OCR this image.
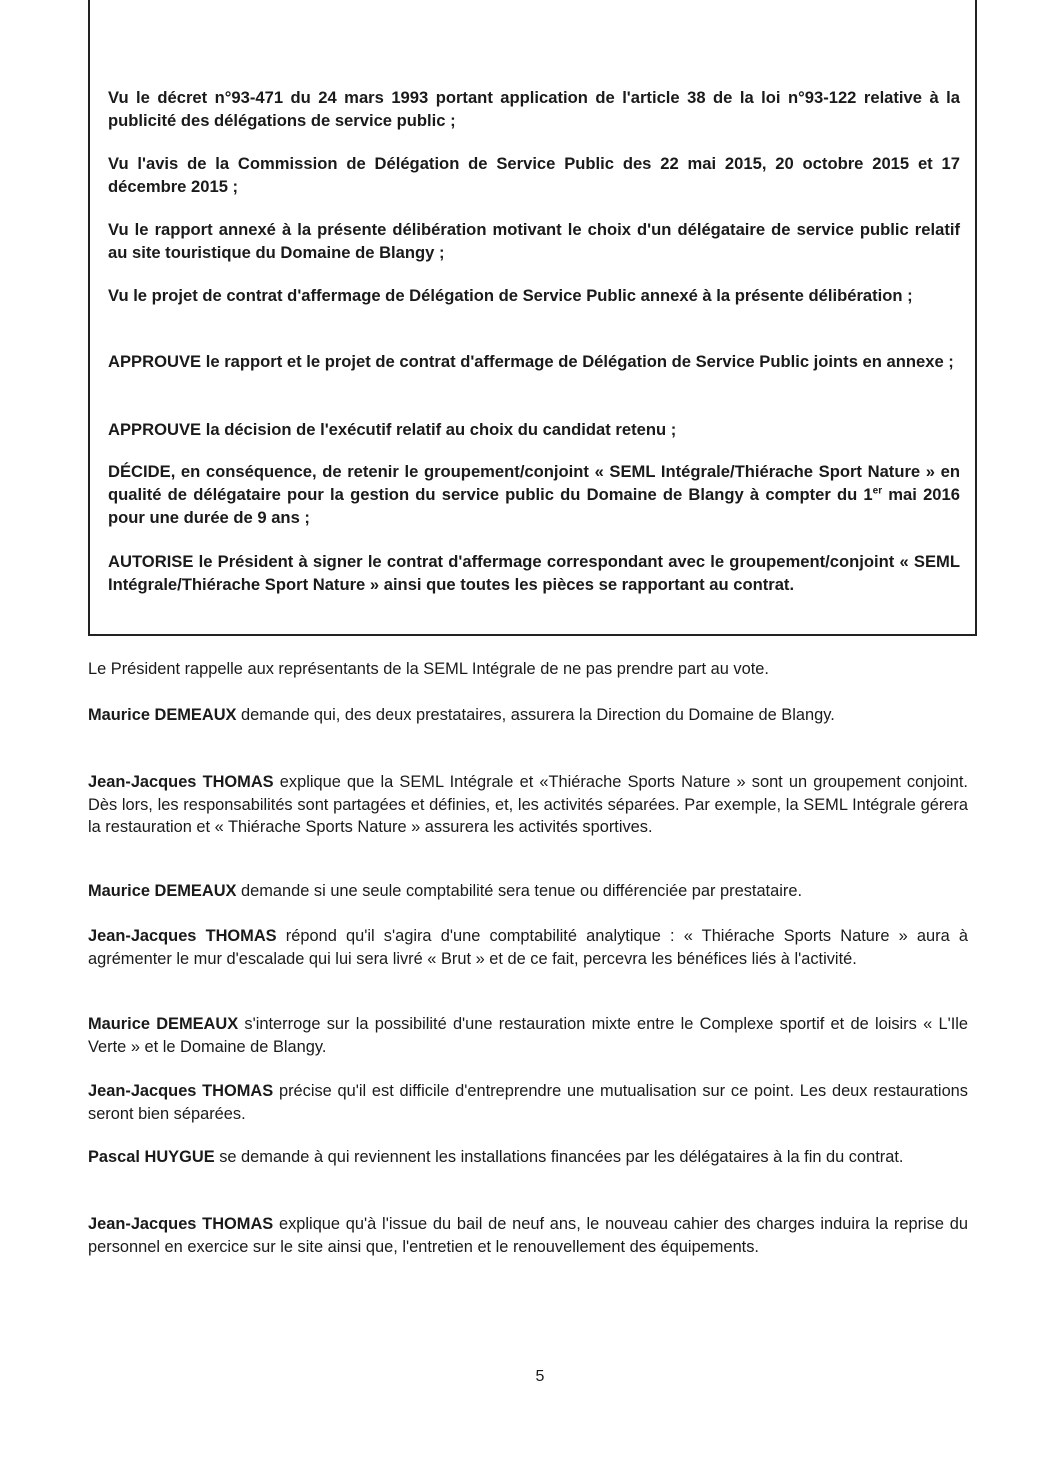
Vu le décret n°93-471 du 24 mars 1993 portant application de l'article 38 de la loi n°93-122 relative à la publicité des délégations de service public ;

Vu l'avis de la Commission de Délégation de Service Public des 22 mai 2015, 20 octobre 2015 et 17 décembre 2015 ;

Vu le rapport annexé à la présente délibération motivant le choix d'un délégataire de service public relatif au site touristique du Domaine de Blangy ;

Vu le projet de contrat d'affermage de Délégation de Service Public annexé à la présente délibération ;

APPROUVE le rapport et le projet de contrat d'affermage de Délégation de Service Public joints en annexe ;

APPROUVE la décision de l'exécutif relatif au choix du candidat retenu ;

DÉCIDE, en conséquence, de retenir le groupement/conjoint « SEML Intégrale/Thiérache Sport Nature » en qualité de délégataire pour la gestion du service public du Domaine de Blangy à compter du 1er mai 2016 pour une durée de 9 ans ;

AUTORISE le Président à signer le contrat d'affermage correspondant avec le groupement/conjoint « SEML Intégrale/Thiérache Sport Nature » ainsi que toutes les pièces se rapportant au contrat.

Le Président rappelle aux représentants de la SEML Intégrale de ne pas prendre part au vote.

Maurice DEMEAUX demande qui, des deux prestataires, assurera la Direction du Domaine de Blangy.

Jean-Jacques THOMAS explique que la SEML Intégrale et «Thiérache Sports Nature » sont un groupement conjoint. Dès lors, les responsabilités sont partagées et définies, et, les activités séparées. Par exemple, la SEML Intégrale gérera la restauration et « Thiérache Sports Nature » assurera les activités sportives.

Maurice DEMEAUX demande si une seule comptabilité sera tenue ou différenciée par prestataire.

Jean-Jacques THOMAS répond qu'il s'agira d'une comptabilité analytique : « Thiérache Sports Nature » aura à agrémenter le mur d'escalade qui lui sera livré « Brut » et de ce fait, percevra les bénéfices liés à l'activité.

Maurice DEMEAUX s'interroge sur la possibilité d'une restauration mixte entre le Complexe sportif et de loisirs « L'Ile Verte » et le Domaine de Blangy.

Jean-Jacques THOMAS précise qu'il est difficile d'entreprendre une mutualisation sur ce point. Les deux restaurations seront bien séparées.

Pascal HUYGUE se demande à qui reviennent les installations financées par les délégataires à la fin du contrat.

Jean-Jacques THOMAS explique qu'à l'issue du bail de neuf ans, le nouveau cahier des charges induira la reprise du personnel en exercice sur le site ainsi que, l'entretien et le renouvellement des équipements.

5
